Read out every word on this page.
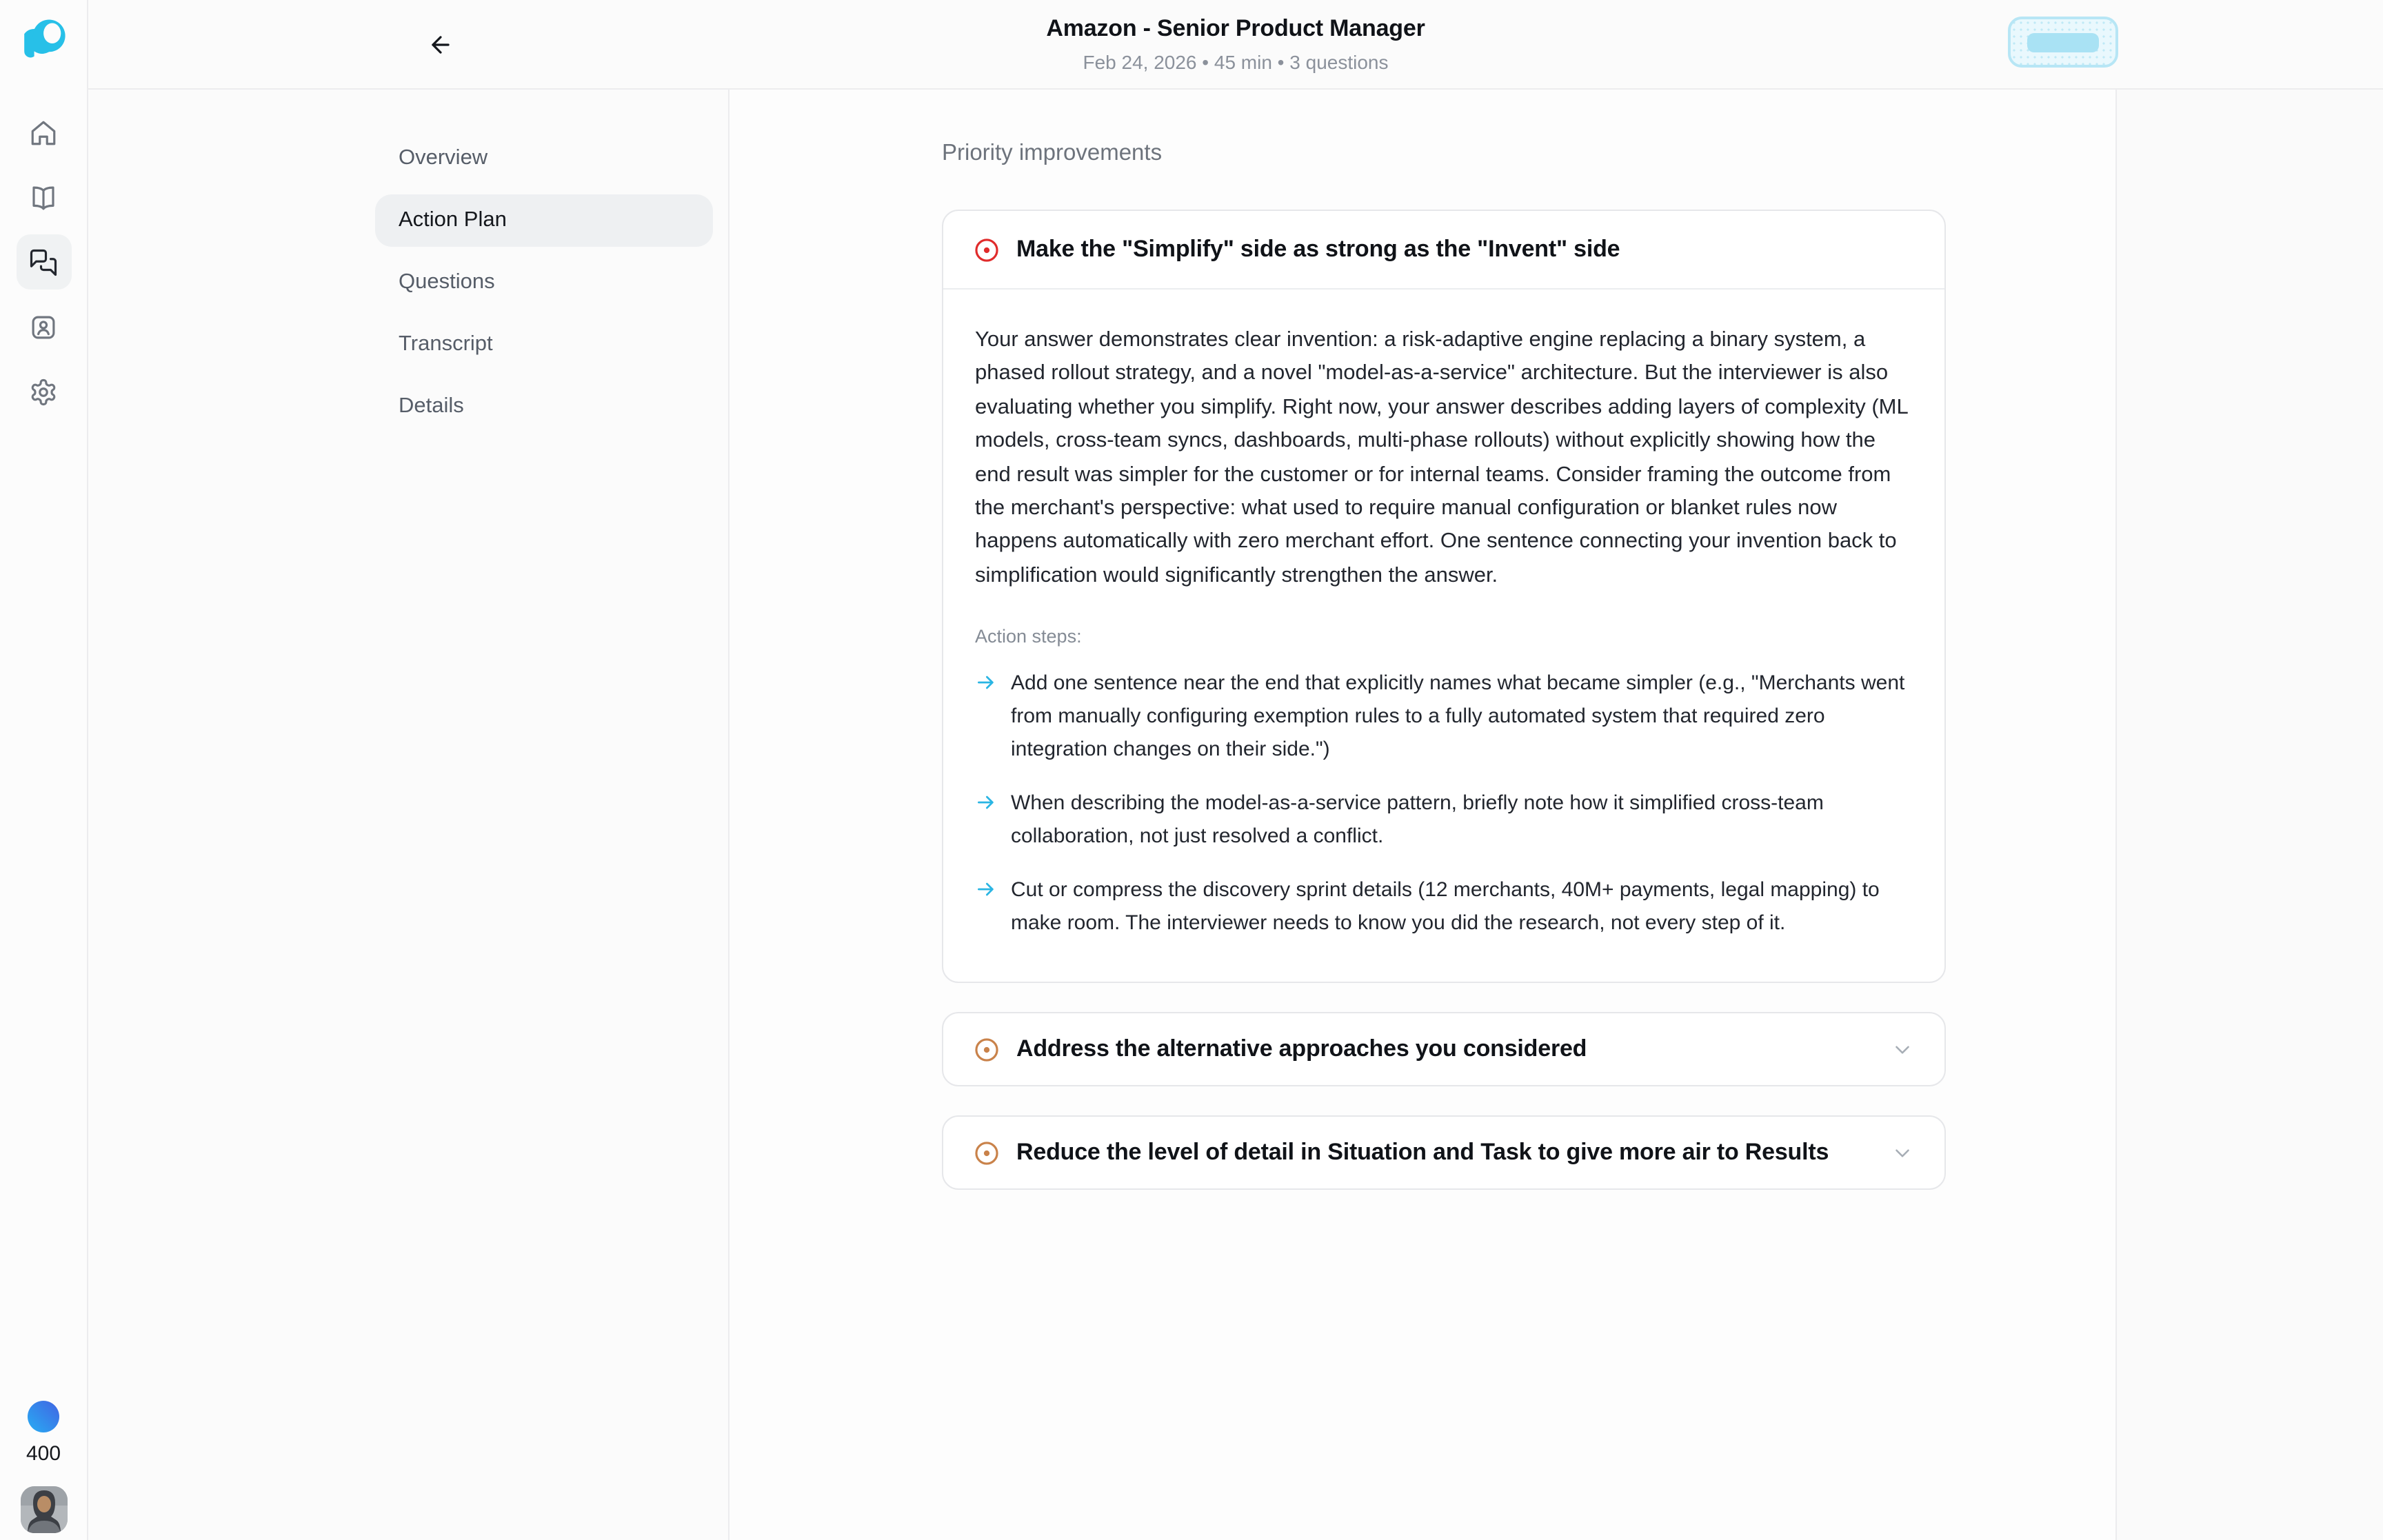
400
Amazon - Senior Product Manager
Feb 24, 2026 • 45 min • 3 questions
Overview
Action Plan
Questions
Transcript
Details
Priority improvements
Make the "Simplify" side as strong as the "Invent" side

Your answer demonstrates clear invention: a risk-adaptive engine replacing a binary system, a phased rollout strategy, and a novel "model-as-a-service" architecture. But the interviewer is also evaluating whether you simplify. Right now, your answer describes adding layers of complexity (ML models, cross-team syncs, dashboards, multi-phase rollouts) without explicitly showing how the end result was simpler for the customer or for internal teams. Consider framing the outcome from the merchant's perspective: what used to require manual configuration or blanket rules now happens automatically with zero merchant effort. One sentence connecting your invention back to simplification would significantly strengthen the answer.

Action steps:
Add one sentence near the end that explicitly names what became simpler (e.g., "Merchants went from manually configuring exemption rules to a fully automated system that required zero integration changes on their side.")
When describing the model-as-a-service pattern, briefly note how it simplified cross-team collaboration, not just resolved a conflict.
Cut or compress the discovery sprint details (12 merchants, 40M+ payments, legal mapping) to make room. The interviewer needs to know you did the research, not every step of it.
Address the alternative approaches you considered
Reduce the level of detail in Situation and Task to give more air to Results
